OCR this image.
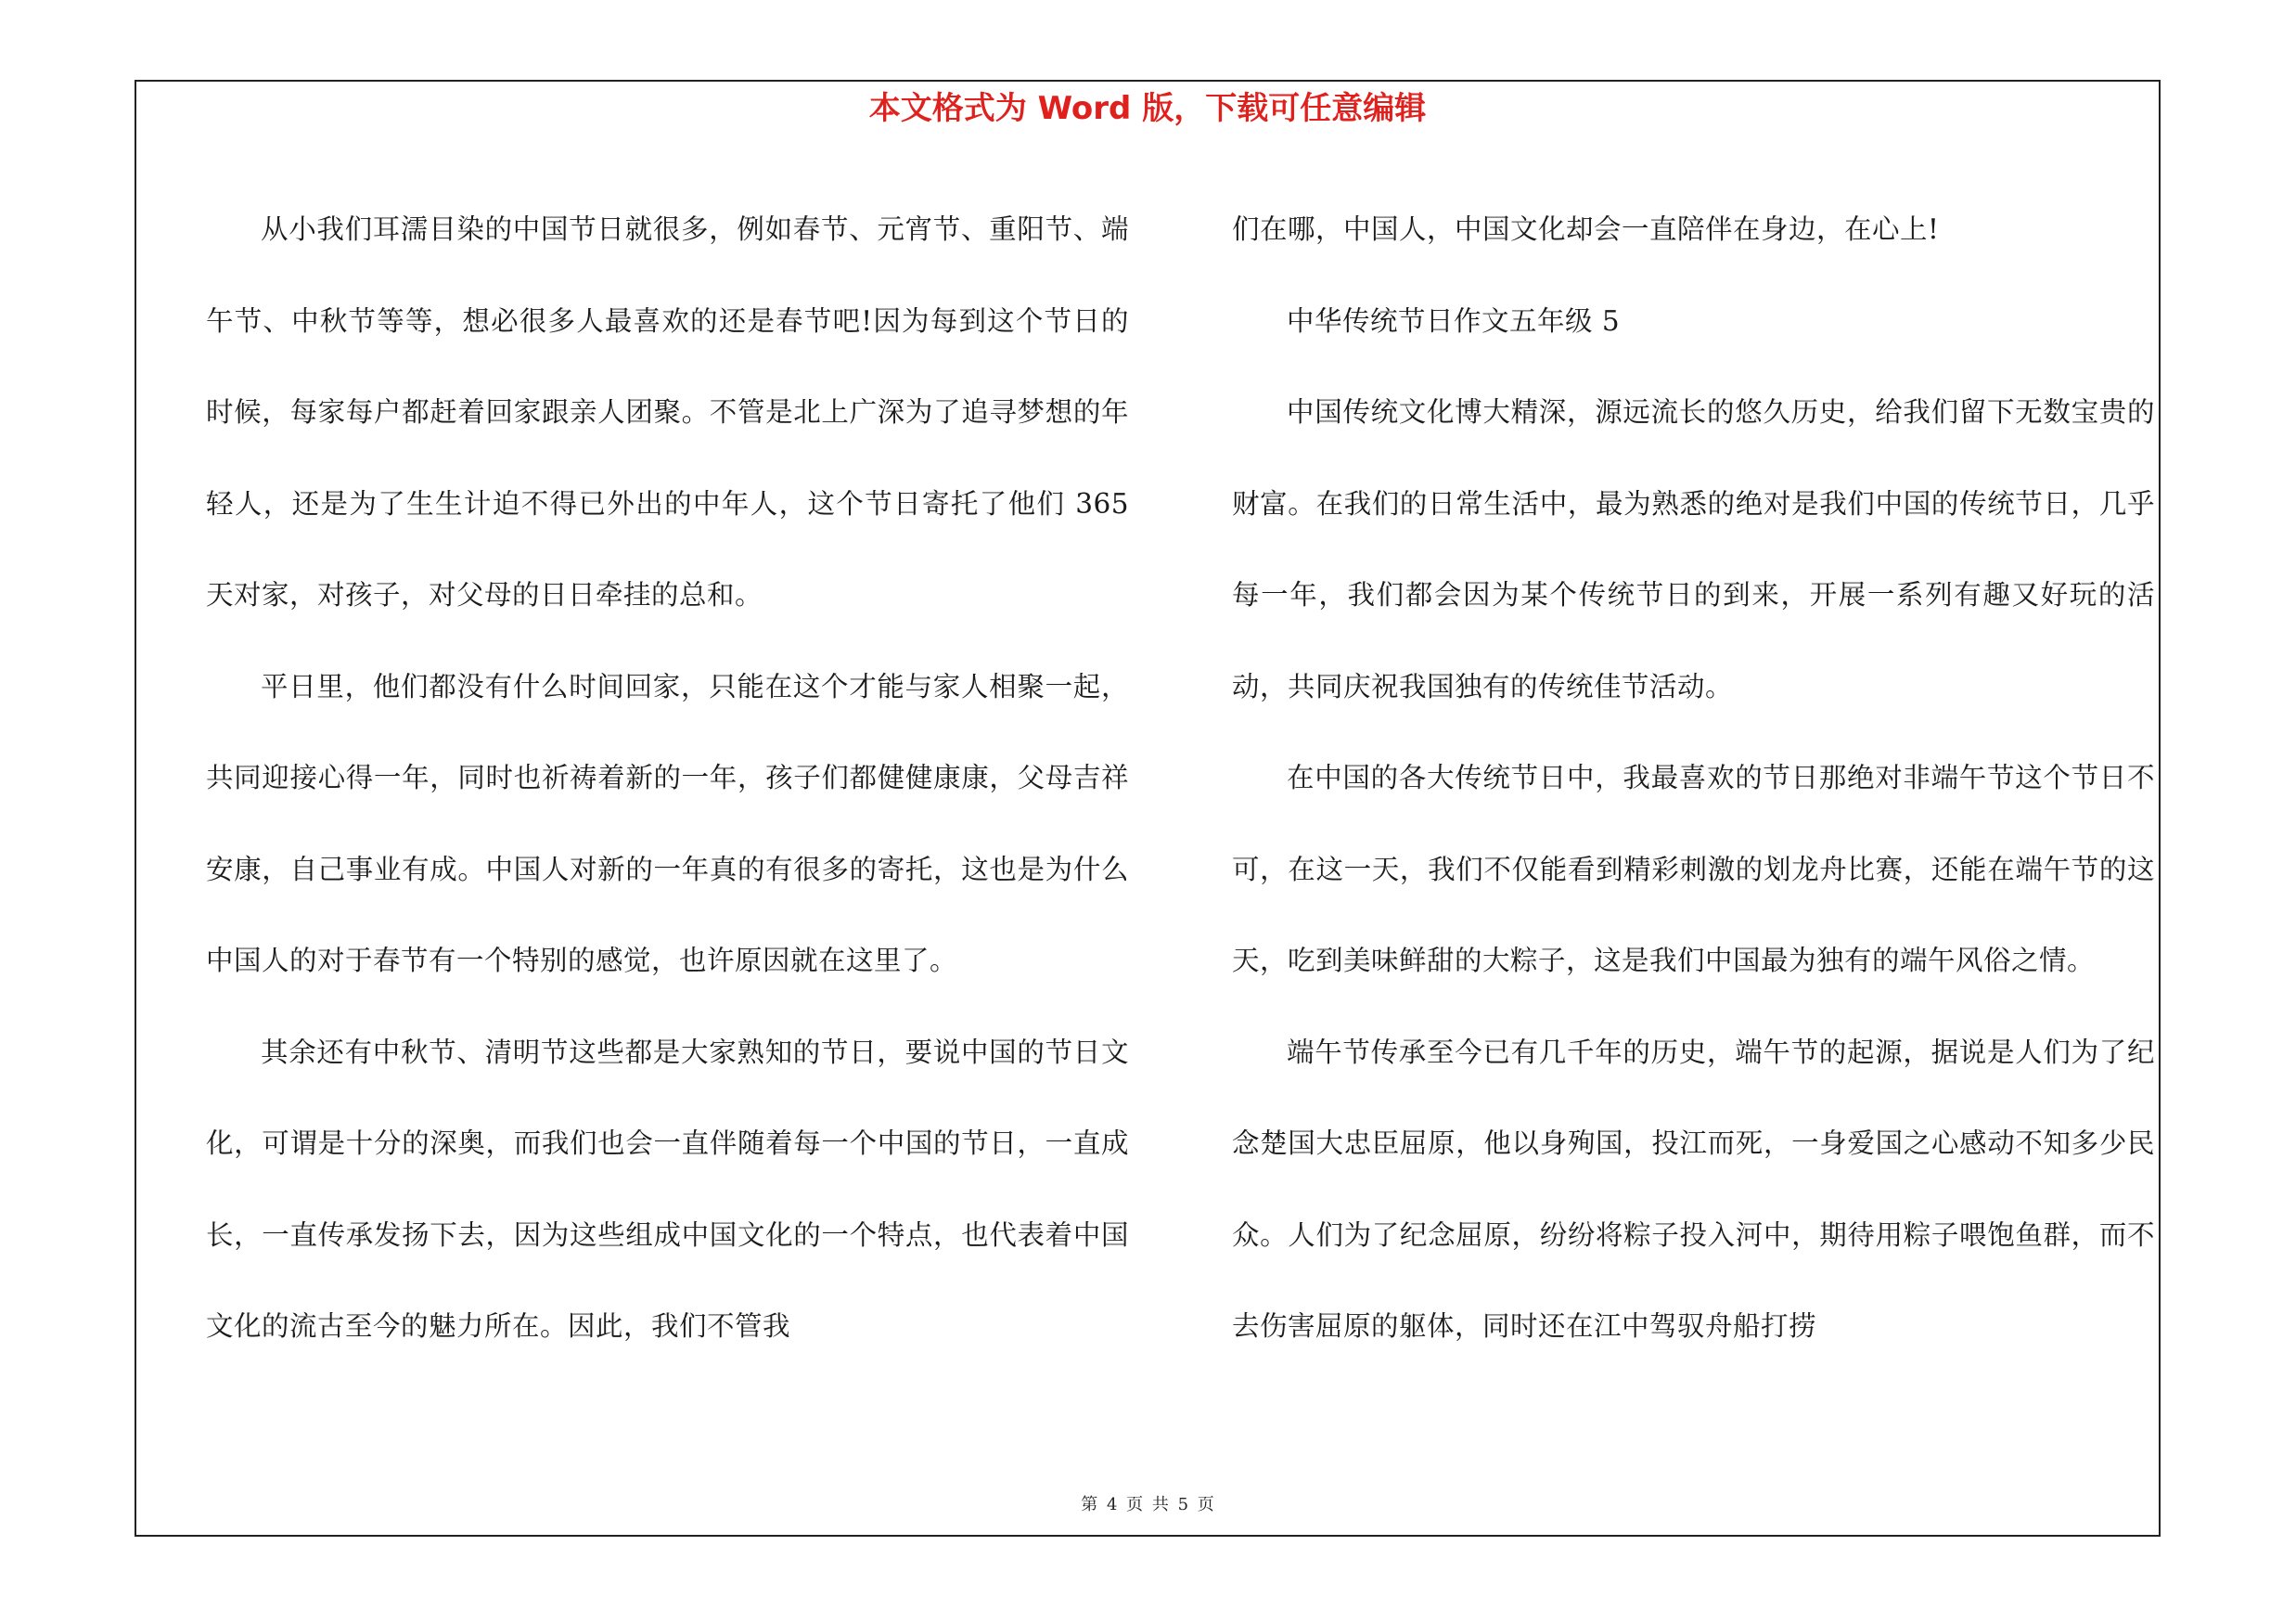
本文格式为 Word 版，下载可任意编辑

从小我们耳濡目染的中国节日就很多，例如春节、元宵节、重阳节、端午节、中秋节等等，想必很多人最喜欢的还是春节吧!因为每到这个节日的时候，每家每户都赶着回家跟亲人团聚。不管是北上广深为了追寻梦想的年轻人，还是为了生生计迫不得已外出的中年人，这个节日寄托了他们 365 天对家，对孩子，对父母的日日牵挂的总和。

平日里，他们都没有什么时间回家，只能在这个才能与家人相聚一起，共同迎接心得一年，同时也祈祷着新的一年，孩子们都健健康康，父母吉祥安康，自己事业有成。中国人对新的一年真的有很多的寄托，这也是为什么中国人的对于春节有一个特别的感觉，也许原因就在这里了。

其余还有中秋节、清明节这些都是大家熟知的节日，要说中国的节日文化，可谓是十分的深奥，而我们也会一直伴随着每一个中国的节日，一直成长，一直传承发扬下去，因为这些组成中国文化的一个特点，也代表着中国文化的流古至今的魅力所在。因此，我们不管我

们在哪，中国人，中国文化却会一直陪伴在身边，在心上!

中华传统节日作文五年级 5

中国传统文化博大精深，源远流长的悠久历史，给我们留下无数宝贵的财富。在我们的日常生活中，最为熟悉的绝对是我们中国的传统节日，几乎每一年，我们都会因为某个传统节日的到来，开展一系列有趣又好玩的活动，共同庆祝我国独有的传统佳节活动。

在中国的各大传统节日中，我最喜欢的节日那绝对非端午节这个节日不可，在这一天，我们不仅能看到精彩刺激的划龙舟比赛，还能在端午节的这天，吃到美味鲜甜的大粽子，这是我们中国最为独有的端午风俗之情。

端午节传承至今已有几千年的历史，端午节的起源，据说是人们为了纪念楚国大忠臣屈原，他以身殉国，投江而死，一身爱国之心感动不知多少民众。人们为了纪念屈原，纷纷将粽子投入河中，期待用粽子喂饱鱼群，而不去伤害屈原的躯体，同时还在江中驾驭舟船打捞

第 4 页 共 5 页
